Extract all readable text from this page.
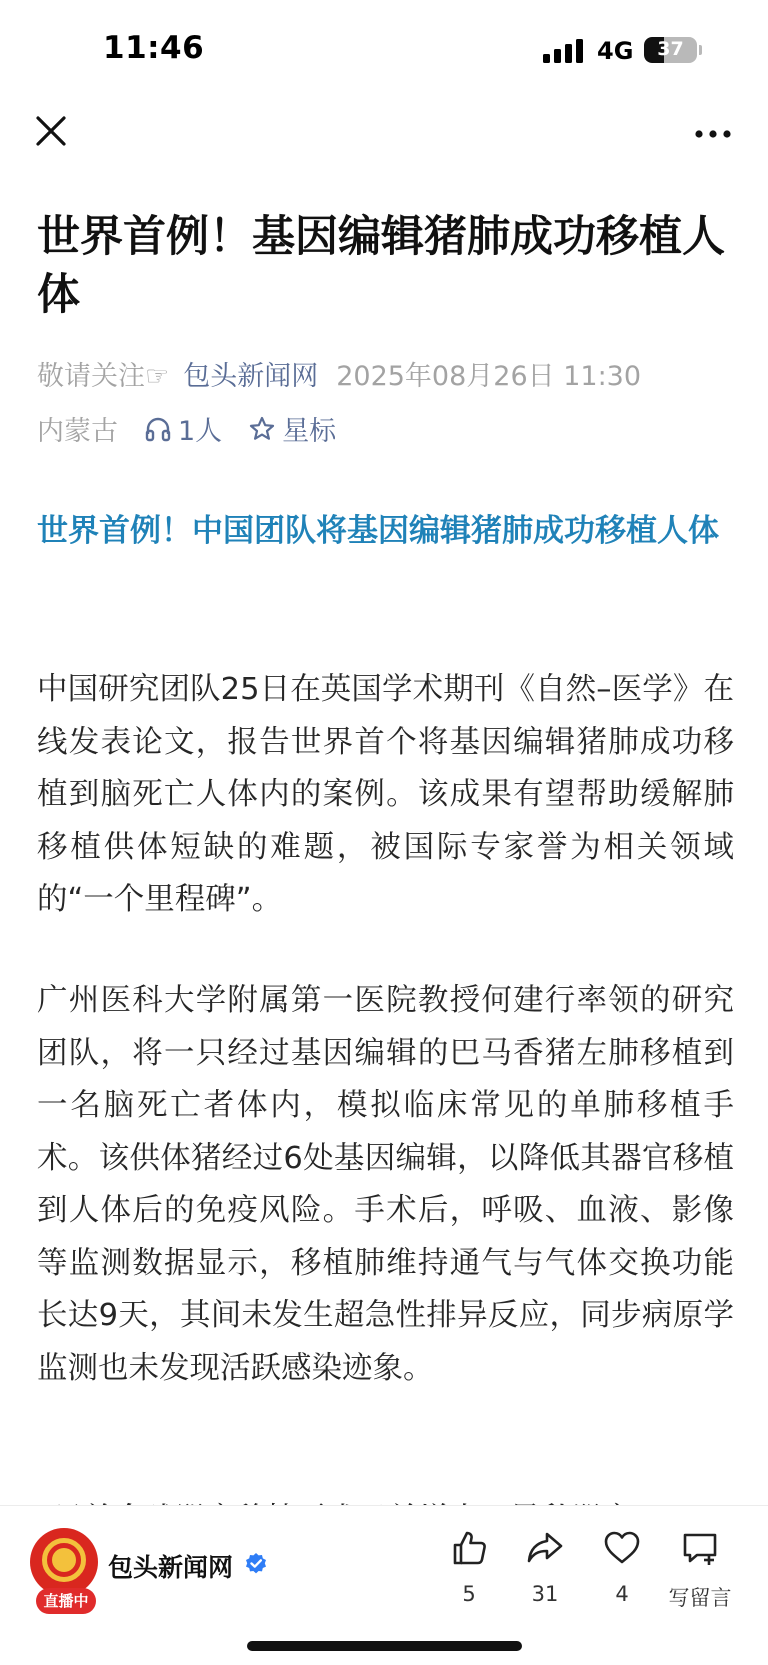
11:46	4G	37
世界首例！基因编辑猪肺成功移植人体
敬请关注☞ 包头新闻网 2025年08月26日 11:30
内蒙古 1人 星标
世界首例！中国团队将基因编辑猪肺成功移植人体

中国研究团队25日在英国学术期刊《自然–医学》在线发表论文，报告世界首个将基因编辑猪肺成功移植到脑死亡人体内的案例。该成果有望帮助缓解肺移植供体短缺的难题，被国际专家誉为相关领域的“一个里程碑”。

广州医科大学附属第一医院教授何建行率领的研究团队，将一只经过基因编辑的巴马香猪左肺移植到一名脑死亡者体内，模拟临床常见的单肺移植手术。该供体猪经过6处基因编辑，以降低其器官移植到人体后的免疫风险。手术后，呼吸、血液、影像等监测数据显示，移植肺维持通气与气体交换功能长达9天，其间未发生超急性排异反应，同步病原学监测也未发现活跃感染迹象。

直播中
包头新闻网
5	31	4	写留言
